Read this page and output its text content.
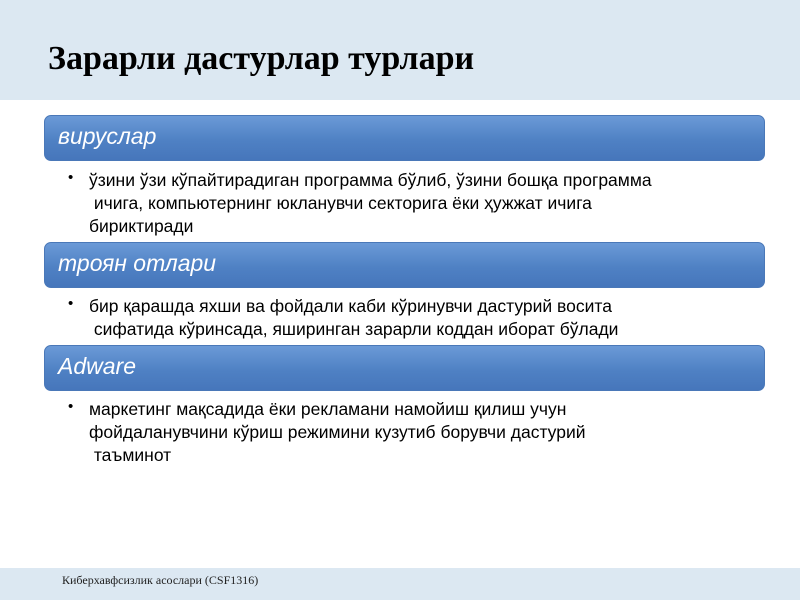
Зарарли дастурлар турлари
вируслар
• ўзини ўзи кўпайтирадиган программа бўлиб, ўзини бошқа программа
ичига, компьютернинг юкланувчи секторига ёки ҳужжат ичига
бириктиради
троян отлари
• бир қарашда яхши ва фойдали каби кўринувчи дастурий восита
сифатида кўринсада, яширинган зарарли коддан иборат бўлади
Adware
• маркетинг мақсадида ёки рекламани намойиш қилиш учун
фойдаланувчини кўриш режимини кузутиб борувчи дастурий
таъминот
Киберхавфсизлик асослари (CSF1316)
